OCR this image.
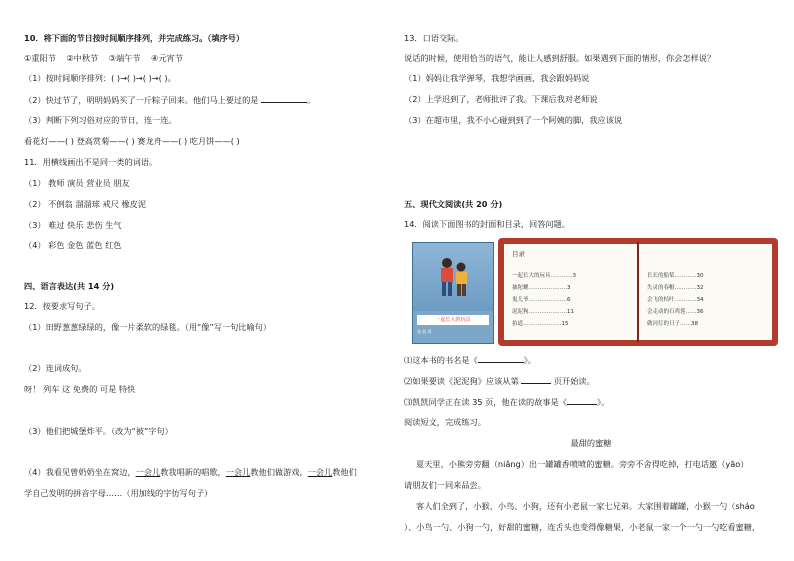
10．将下面的节日按时间顺序排列，并完成练习。（填序号）
①重阳节 ②中秋节 ③端午节 ④元宵节
（1）按时间顺序排列：( )→( )→( )→( )。
（2）快过节了，明明妈妈买了一斤粽子回来。他们马上要过的是	。
（3）判断下列习俗对应的节日，连一连。
看花灯——( ) 登高赏菊——( ) 赛龙舟——( ) 吃月饼——( )
11．用横线画出不是同一类的词语。
（1） 教师 演员 营业员 朋友
（2） 不倒翁 溜溜球 戒尺 橡皮泥
（3） 难过 快乐 悲伤 生气
（4） 彩色 金色 蓝色 红色
四、语言表达(共 14 分)
12．按要求写句子。
（1）田野葱葱绿绿的，像一片柔软的绿毯。（用“像”写一句比喻句）
（2）连词成句。
呀！ 列车 这 免费的 可是 特快
（3）他们把城堡炸平。（改为“被”字句）
（4）我看见曾奶奶坐在窝边，一会儿教我唱新的唱歌，一会儿教他们做游戏，一会儿教他们
学自己发明的拼音字母……（用加线的字仿写句子）
13．口语交际。
说话的时候，使用恰当的语气，能让人感到舒服。如果遇到下面的情形，你会怎样说？
（1）妈妈让我学弹琴，我想学画画，我会跟妈妈说
（2）上学迟到了，老师批评了我。下课后我对老师说
（3）在超市里，我不小心碰到到了一个阿姨的脚，我应该说
五、现代文阅读(共 20 分)
14．阅读下面图书的封面和目录，回答问题。
一起长大的玩具
金 波 著
目录
一起长大的玩具…………3
抽陀螺…………………3
鬼儿爷…………………6
泥泥狗…………………11
拍道…………………15
长长的船桨…………30
失灵的春帽…………32
会飞的桔叶…………34
会走动的石鸡莲……36
做河灯的日子……38
⑴这本书的书名是《	》。
⑵如果要读《泥泥狗》应该从第	页开始读。
⑶凯凯同学正在读 35 页，他在读的故事是《	》。
阅读短文，完成练习。
最甜的蜜糖
夏天里，小熊旁旁翻（niǎng）出一罐罐香喷喷的蜜糖。旁旁不舍得吃掉，打电话邀（yāo）
请朋友们一同来品尝。
客人们全到了，小猴、小鸟、小狗，还有小老鼠一家七兄弟。大家围着罐罐，小猴一勺（sháo
）、小鸟一勺、小狗一勺，好甜的蜜糖，连舌头也变得像糖果，小老鼠一家一个一勺一勺吃看蜜糖，
